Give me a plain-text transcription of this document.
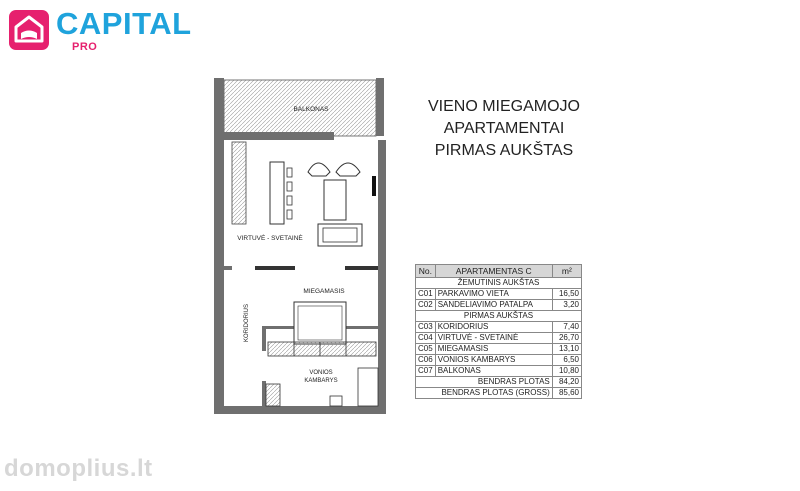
CAPITAL
PRO
BALKONAS
VIRTUVĖ - SVETAINĖ
MIEGAMASIS
KORIDORIUS
VONIOS
KAMBARYS
VIENO MIEGAMOJO
APARTAMENTAI
PIRMAS AUKŠTAS
No.	APARTAMENTAS C	m²
ŽEMUTINIS AUKŠTAS		
C01	PARKAVIMO VIETA	16,50
C02	SANDELIAVIMO PATALPA	3,20
PIRMAS AUKŠTAS		
C03	KORIDORIUS	7,40
C04	VIRTUVĖ - SVETAINĖ	26,70
C05	MIEGAMASIS	13,10
C06	VONIOS KAMBARYS	6,50
C07	BALKONAS	10,80
BENDRAS PLOTAS		84,20
BENDRAS PLOTAS (GROSS)		85,60
domoplius.lt
